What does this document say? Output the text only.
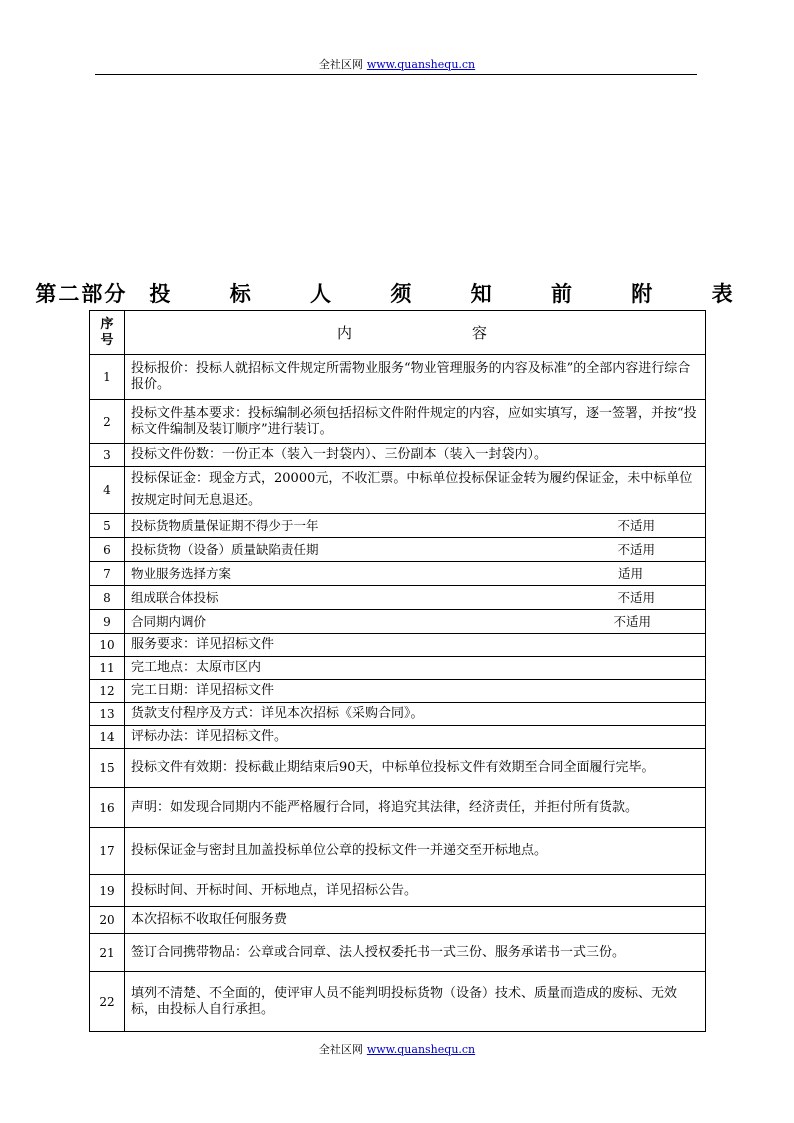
全社区网 www.quanshequ.cn
第二部分 投 标 人 须 知 前 附 表
序号	内容
1	投标报价：投标人就招标文件规定所需物业服务“物业管理服务的内容及标准”的全部内容进行综合报价。
2	投标文件基本要求：投标编制必须包括招标文件附件规定的内容，应如实填写，逐一签署，并按“投标文件编制及装订顺序”进行装订。
3	投标文件份数：一份正本（装入一封袋内）、三份副本（装入一封袋内）。
4	投标保证金：现金方式，20000元，不收汇票。中标单位投标保证金转为履约保证金，未中标单位按规定时间无息退还。
5	投标货物质量保证期不得少于一年 不适用

6	投标货物（设备）质量缺陷责任期 不适用

7	物业服务选择方案 适用

8	组成联合体投标 不适用

9	合同期内调价 不适用

10	服务要求：详见招标文件
11	完工地点：太原市区内
12	完工日期：详见招标文件
13	货款支付程序及方式：详见本次招标《采购合同》。
14	评标办法：详见招标文件。
15	投标文件有效期：投标截止期结束后90天，中标单位投标文件有效期至合同全面履行完毕。
16	声明：如发现合同期内不能严格履行合同，将追究其法律，经济责任，并拒付所有货款。
17	投标保证金与密封且加盖投标单位公章的投标文件一并递交至开标地点。
19	投标时间、开标时间、开标地点，详见招标公告。
20	本次招标不收取任何服务费
21	签订合同携带物品：公章或合同章、法人授权委托书一式三份、服务承诺书一式三份。
22	填列不清楚、不全面的，使评审人员不能判明投标货物（设备）技术、质量而造成的废标、无效标，由投标人自行承担。
全社区网 www.quanshequ.cn
